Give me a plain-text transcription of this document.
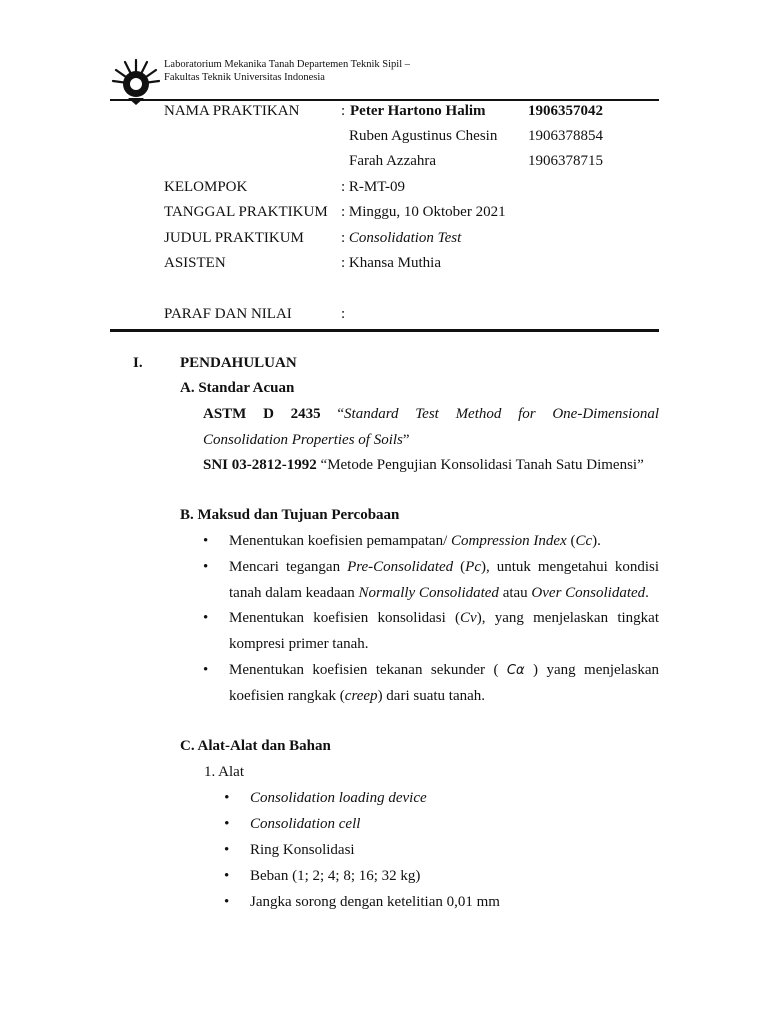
Laboratorium Mekanika Tanah Departemen Teknik Sipil –
Fakultas Teknik Universitas Indonesia
NAMA PRAKTIKAN	: Peter Hartono Halim	1906357042
Ruben Agustinus Chesin 1906378854
Farah Azzahra	1906378715
KELOMPOK	: R-MT-09
TANGGAL PRAKTIKUM : Minggu, 10 Oktober 2021
JUDUL PRAKTIKUM : Consolidation Test
ASISTEN	: Khansa Muthia
PARAF DAN NILAI	:
I. PENDAHULUAN
A. Standar Acuan
ASTM D 2435 “Standard Test Method for One-Dimensional
Consolidation Properties of Soils”
SNI 03-2812-1992 “Metode Pengujian Konsolidasi Tanah Satu Dimensi”
B. Maksud dan Tujuan Percobaan
• Menentukan koefisien pemampatan/ Compression Index (Cc).
• Mencari tegangan Pre-Consolidated (Pc), untuk mengetahui kondisi
tanah dalam keadaan Normally Consolidated atau Over Consolidated.
• Menentukan koefisien konsolidasi (Cv), yang menjelaskan tingkat
kompresi primer tanah.
• Menentukan koefisien tekanan sekunder ( Cα ) yang menjelaskan
koefisien rangkak (creep) dari suatu tanah.
C. Alat-Alat dan Bahan
1. Alat
• Consolidation loading device
• Consolidation cell
• Ring Konsolidasi
• Beban (1; 2; 4; 8; 16; 32 kg)
• Jangka sorong dengan ketelitian 0,01 mm
